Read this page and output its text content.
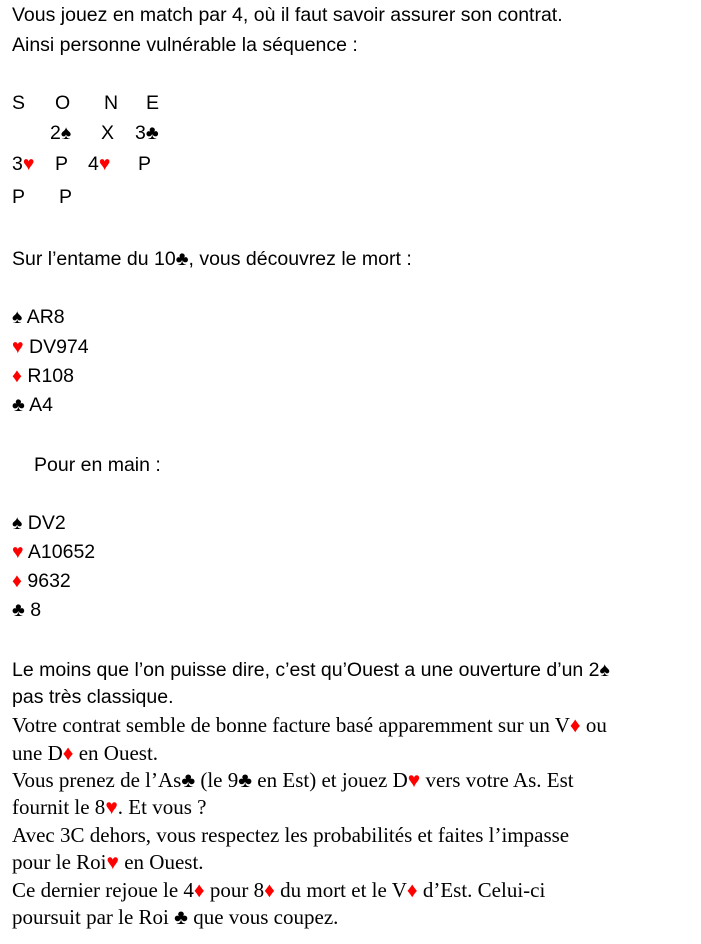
Vous jouez en match par 4, où il faut savoir assurer son contrat.
Ainsi personne vulnérable la séquence :
S O N E
2♠ X 3♣
3♥ P 4♥ P
P P
Sur l’entame du 10♣, vous découvrez le mort :
♠ AR8
♥ DV974
♦ R108
♣ A4
Pour en main :
♠ DV2
♥ A10652
♦ 9632
♣ 8
Le moins que l’on puisse dire, c’est qu’Ouest a une ouverture d’un 2♠
pas très classique.
Votre contrat semble de bonne facture basé apparemment sur un V♦ ou
une D♦ en Ouest.
Vous prenez de l’As♣ (le 9♣ en Est) et jouez D♥ vers votre As. Est
fournit le 8♥. Et vous ?
Avec 3C dehors, vous respectez les probabilités et faites l’impasse
pour le Roi♥ en Ouest.
Ce dernier rejoue le 4♦ pour 8♦ du mort et le V♦ d’Est. Celui-ci
poursuit par le Roi ♣ que vous coupez.
